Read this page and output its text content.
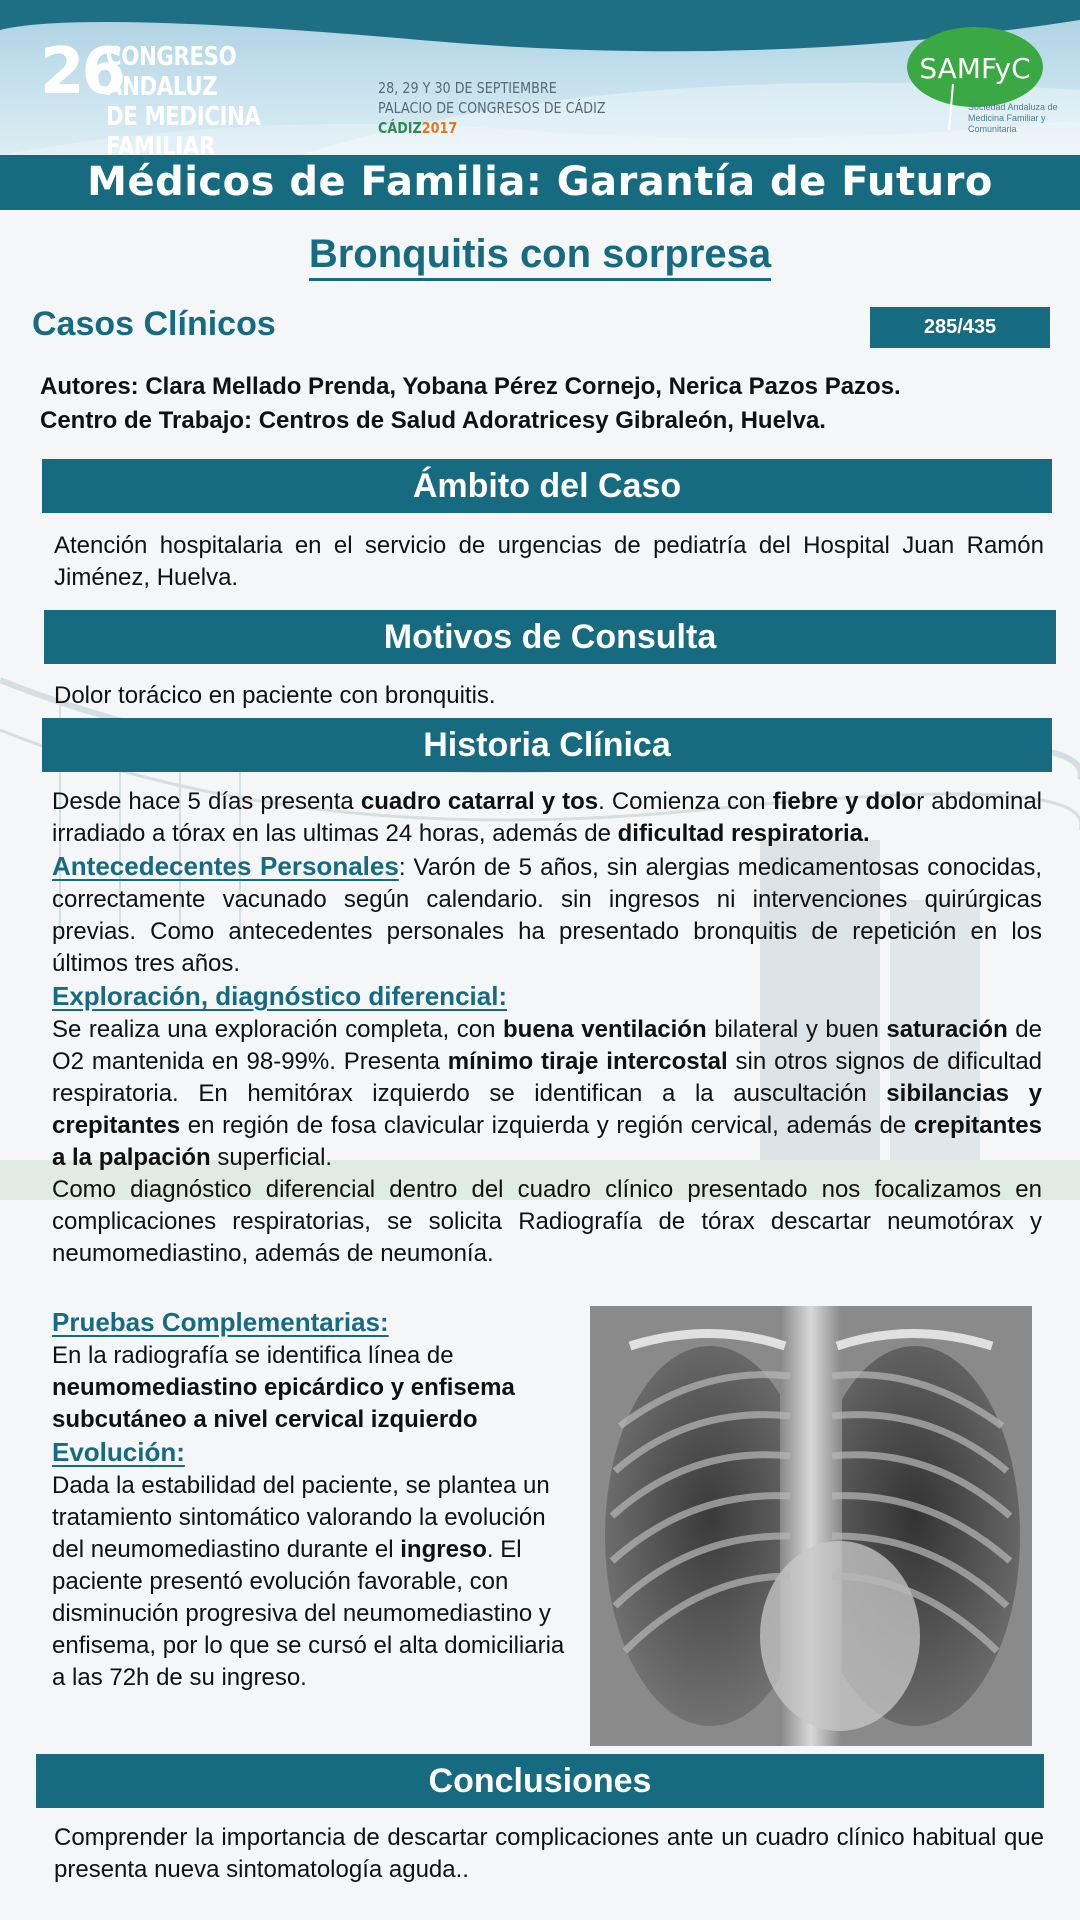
26
CONGRESO ANDALUZ
DE MEDICINA FAMILIAR
28, 29 Y 30 DE SEPTIEMBRE
PALACIO DE CONGRESOS DE CÁDIZ
CÁDIZ2017
SAMFyC
Sociedad Andaluza de Medicina Familiar y Comunitaria
Médicos de Familia: Garantía de Futuro
Bronquitis con sorpresa
Casos Clínicos	285/435
Autores: Clara Mellado Prenda, Yobana Pérez Cornejo, Nerica Pazos Pazos.
Centro de Trabajo: Centros de Salud Adoratricesy Gibraleón, Huelva.
Ámbito del Caso
Atención hospitalaria en el servicio de urgencias de pediatría del Hospital Juan Ramón Jiménez, Huelva.
Motivos de Consulta
Dolor torácico en paciente con bronquitis.
Historia Clínica

Desde hace 5 días presenta cuadro catarral y tos. Comienza con fiebre y dolor abdominal irradiado a tórax en las ultimas 24 horas, además de dificultad respiratoria.

Antecedecentes Personales: Varón de 5 años, sin alergias medicamentosas conocidas, correctamente vacunado según calendario. sin ingresos ni intervenciones quirúrgicas previas. Como antecedentes personales ha presentado bronquitis de repetición en los últimos tres años.

Exploración, diagnóstico diferencial:

Se realiza una exploración completa, con buena ventilación bilateral y buen saturación de O2 mantenida en 98-99%. Presenta mínimo tiraje intercostal sin otros signos de dificultad respiratoria. En hemitórax izquierdo se identifican a la auscultación sibilancias y crepitantes en región de fosa clavicular izquierda y región cervical, además de crepitantes a la palpación superficial.

Como diagnóstico diferencial dentro del cuadro clínico presentado nos focalizamos en complicaciones respiratorias, se solicita Radiografía de tórax descartar neumotórax y neumomediastino, además de neumonía.

Pruebas Complementarias:

En la radiografía se identifica línea de neumomediastino epicárdico y enfisema subcutáneo a nivel cervical izquierdo

Evolución:

Dada la estabilidad del paciente, se plantea un tratamiento sintomático valorando la evolución del neumomediastino durante el ingreso. El paciente presentó evolución favorable, con disminución progresiva del neumomediastino y enfisema, por lo que se cursó el alta domiciliaria a las 72h de su ingreso.

Conclusiones
Comprender la importancia de descartar complicaciones ante un cuadro clínico habitual que presenta nueva sintomatología aguda..
